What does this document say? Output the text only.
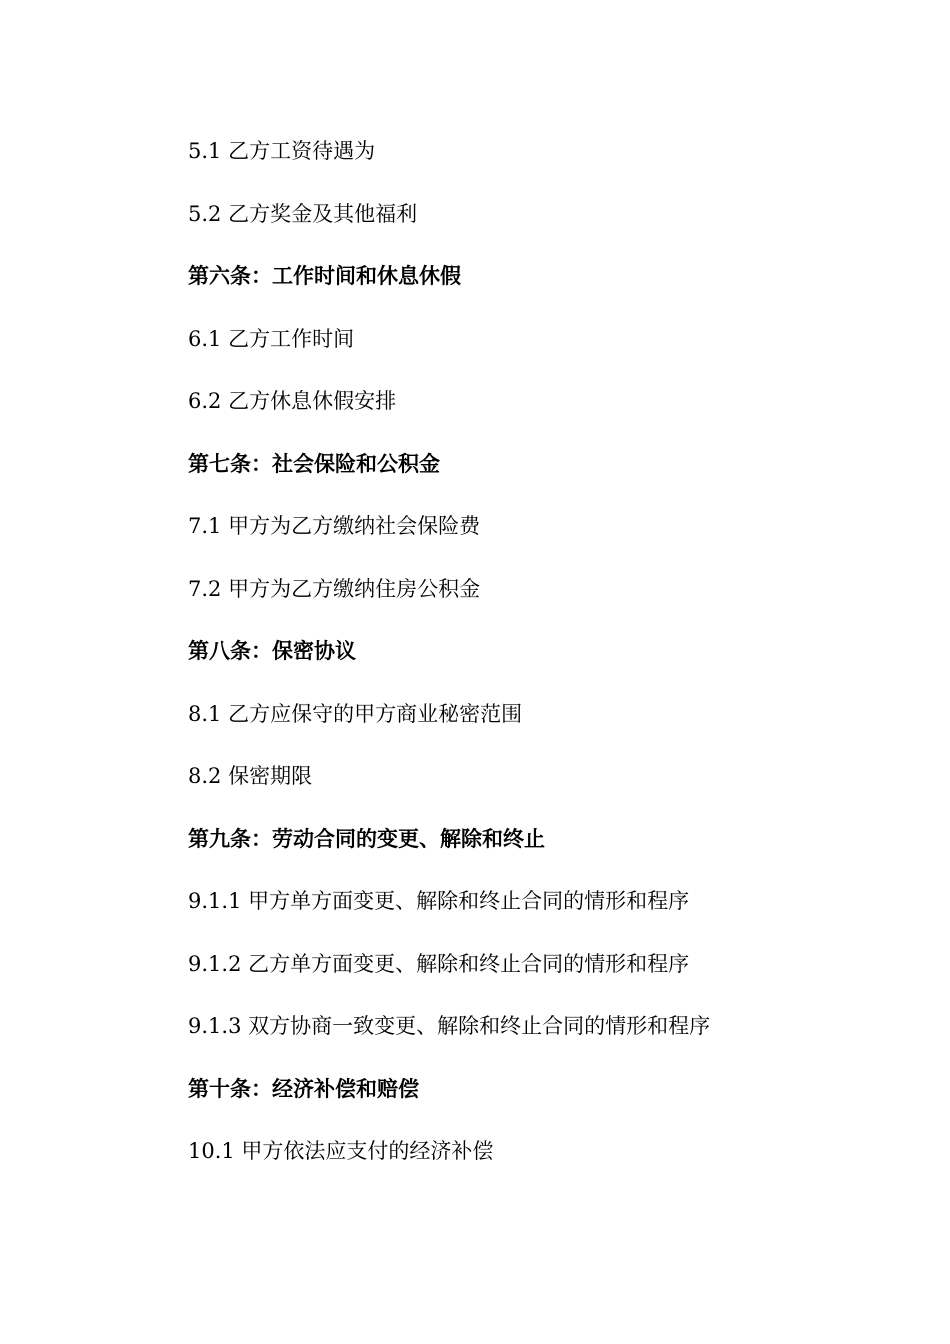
5.1 乙方工资待遇为
5.2 乙方奖金及其他福利
第六条：工作时间和休息休假
6.1 乙方工作时间
6.2 乙方休息休假安排
第七条：社会保险和公积金
7.1 甲方为乙方缴纳社会保险费
7.2 甲方为乙方缴纳住房公积金
第八条：保密协议
8.1 乙方应保守的甲方商业秘密范围
8.2 保密期限
第九条：劳动合同的变更、解除和终止
9.1.1 甲方单方面变更、解除和终止合同的情形和程序
9.1.2 乙方单方面变更、解除和终止合同的情形和程序
9.1.3 双方协商一致变更、解除和终止合同的情形和程序
第十条：经济补偿和赔偿
10.1 甲方依法应支付的经济补偿
